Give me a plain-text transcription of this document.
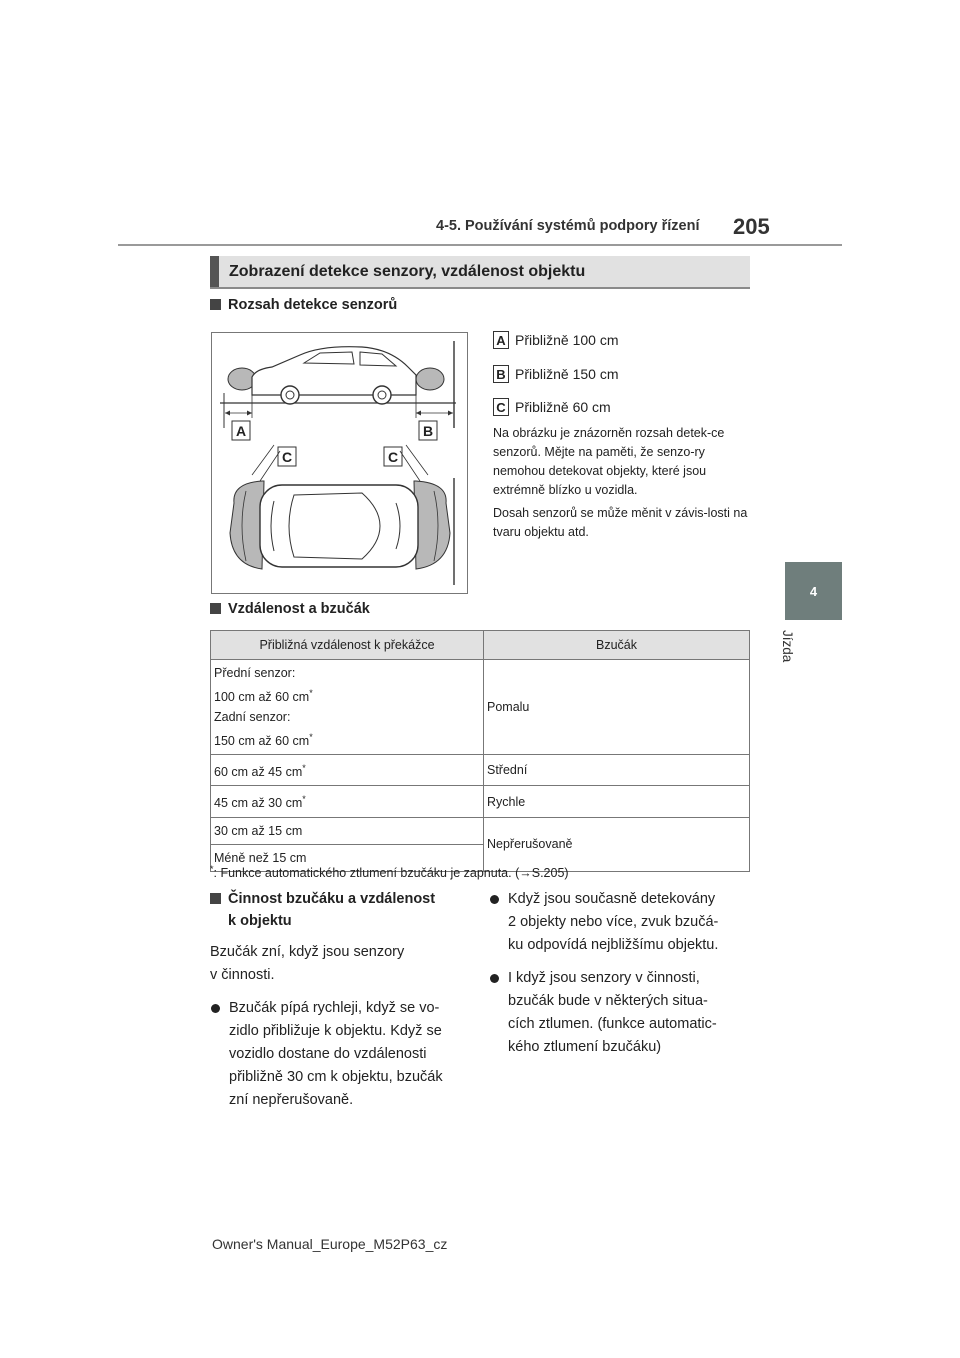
4-5. Používání systémů podpory řízení 205
4
Jízda
Zobrazení detekce senzory, vzdálenost objektu
Rozsah detekce senzorů
A	B
C	C
A Přibližně 100 cm
B Přibližně 150 cm
C Přibližně 60 cm
Na obrázku je znázorněn rozsah detek-ce senzorů. Mějte na paměti, že senzo-ry nemohou detekovat objekty, které jsou extrémně blízko u vozidla.
Dosah senzorů se může měnit v závis-losti na tvaru objektu atd.
Vzdálenost a bzučák
Přibližná vzdálenost k překážce	Bzučák

Přední senzor:
100 cm až 60 cm*
Zadní senzor:
150 cm až 60 cm*	Pomalu
60 cm až 45 cm*	Střední
45 cm až 30 cm*	Rychle
30 cm až 15 cm	Nepřerušovaně
Méně než 15 cm	
*: Funkce automatického ztlumení bzučáku je zapnuta. (→S.205)
Činnost bzučáku a vzdálenost
k objektu
Bzučák zní, když jsou senzory
v činnosti.
Bzučák pípá rychleji, když se vo-
zidlo přibližuje k objektu. Když se
vozidlo dostane do vzdálenosti
přibližně 30 cm k objektu, bzučák
zní nepřerušovaně.
Když jsou současně detekovány
2 objekty nebo více, zvuk bzučá-
ku odpovídá nejbližšímu objektu.
I když jsou senzory v činnosti,
bzučák bude v některých situa-
cích ztlumen. (funkce automatic-
kého ztlumení bzučáku)
Owner's Manual_Europe_M52P63_cz
